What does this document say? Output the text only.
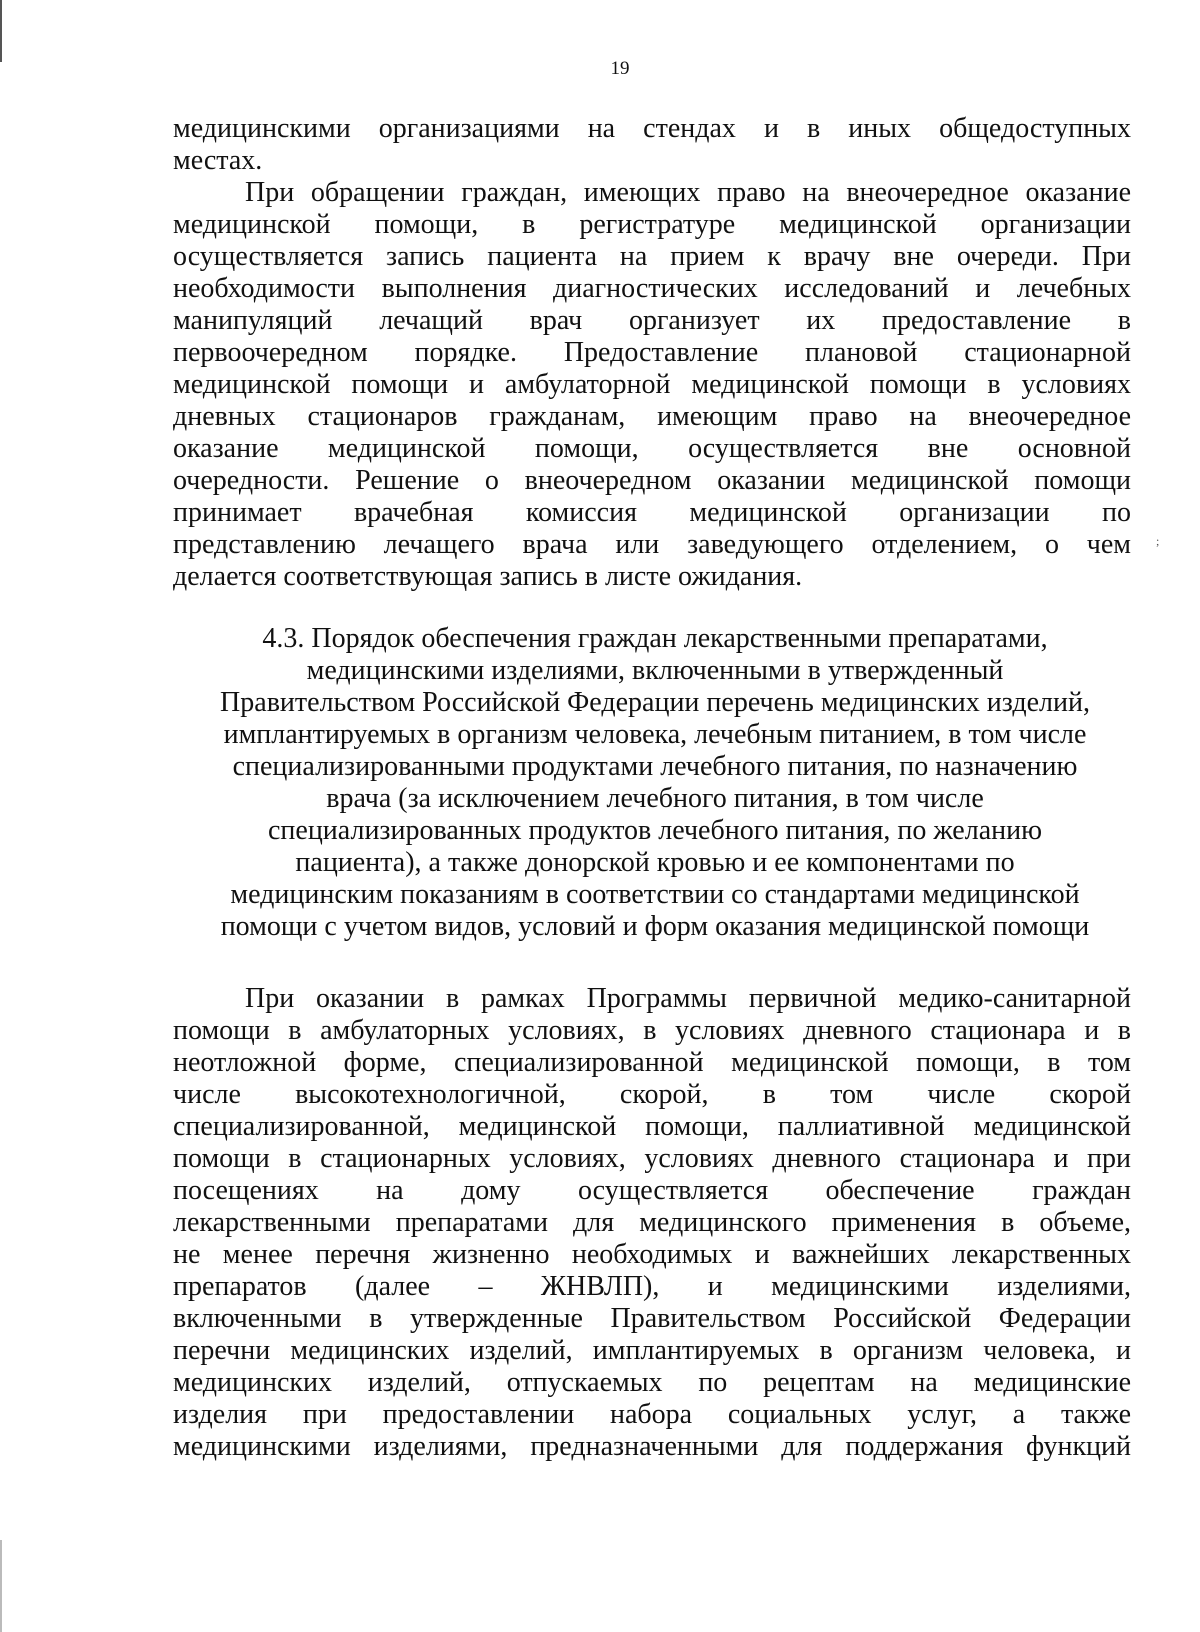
19
медицинскими организациями на стендах и в иных общедоступных
местах.
При обращении граждан, имеющих право на внеочередное оказание
медицинской помощи, в регистратуре медицинской организации
осуществляется запись пациента на прием к врачу вне очереди. При
необходимости выполнения диагностических исследований и лечебных
манипуляций лечащий врач организует их предоставление в
первоочередном порядке. Предоставление плановой стационарной
медицинской помощи и амбулаторной медицинской помощи в условиях
дневных стационаров гражданам, имеющим право на внеочередное
оказание медицинской помощи, осуществляется вне основной
очередности. Решение о внеочередном оказании медицинской помощи
принимает врачебная комиссия медицинской организации по
представлению лечащего врача или заведующего отделением, о чем
делается соответствующая запись в листе ожидания.
;
4.3. Порядок обеспечения граждан лекарственными препаратами,
медицинскими изделиями, включенными в утвержденный
Правительством Российской Федерации перечень медицинских изделий,
имплантируемых в организм человека, лечебным питанием, в том числе
специализированными продуктами лечебного питания, по назначению
врача (за исключением лечебного питания, в том числе
специализированных продуктов лечебного питания, по желанию
пациента), а также донорской кровью и ее компонентами по
медицинским показаниям в соответствии со стандартами медицинской
помощи с учетом видов, условий и форм оказания медицинской помощи
При оказании в рамках Программы первичной медико-санитарной
помощи в амбулаторных условиях, в условиях дневного стационара и в
неотложной форме, специализированной медицинской помощи, в том
числе высокотехнологичной, скорой, в том числе скорой
специализированной, медицинской помощи, паллиативной медицинской
помощи в стационарных условиях, условиях дневного стационара и при
посещениях на дому осуществляется обеспечение граждан
лекарственными препаратами для медицинского применения в объеме,
не менее перечня жизненно необходимых и важнейших лекарственных
препаратов (далее – ЖНВЛП), и медицинскими изделиями,
включенными в утвержденные Правительством Российской Федерации
перечни медицинских изделий, имплантируемых в организм человека, и
медицинских изделий, отпускаемых по рецептам на медицинские
изделия при предоставлении набора социальных услуг, а также
медицинскими изделиями, предназначенными для поддержания функций
